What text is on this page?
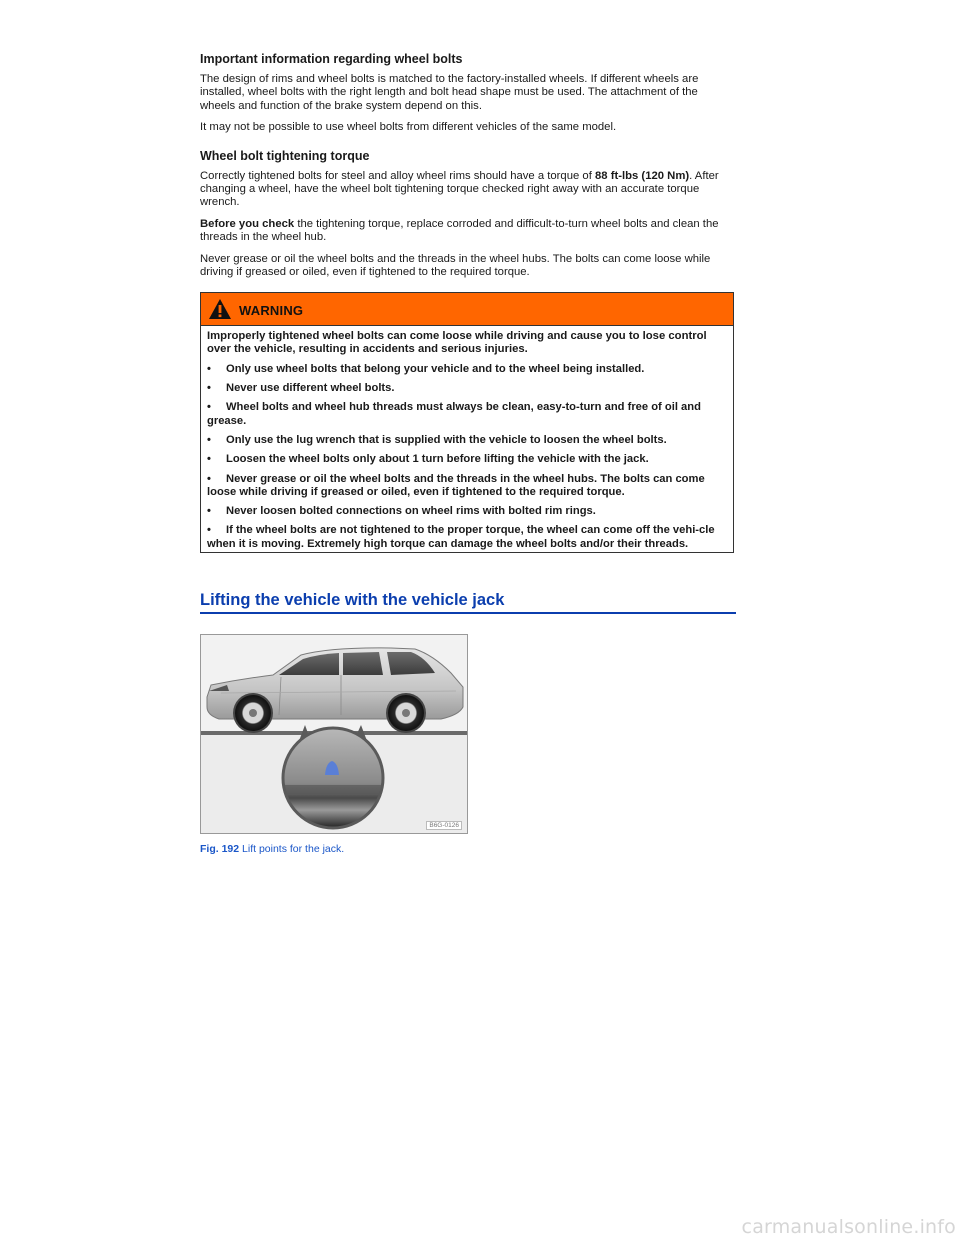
Important information regarding wheel bolts

The design of rims and wheel bolts is matched to the factory-installed wheels. If different wheels are installed, wheel bolts with the right length and bolt head shape must be used. The attachment of the wheels and function of the brake system depend on this.

It may not be possible to use wheel bolts from different vehicles of the same model.

Wheel bolt tightening torque

Correctly tightened bolts for steel and alloy wheel rims should have a torque of 88 ft-lbs (120 Nm). After changing a wheel, have the wheel bolt tightening torque checked right away with an accurate torque wrench.

Before you check the tightening torque, replace corroded and difficult-to-turn wheel bolts and clean the threads in the wheel hub.

Never grease or oil the wheel bolts and the threads in the wheel hubs. The bolts can come loose while driving if greased or oiled, even if tightened to the required torque.

WARNING

Improperly tightened wheel bolts can come loose while driving and cause you to lose control over the vehicle, resulting in accidents and serious injuries.

• Only use wheel bolts that belong your vehicle and to the wheel being installed.
• Never use different wheel bolts.
• Wheel bolts and wheel hub threads must always be clean, easy-to-turn and free of oil and grease.
• Only use the lug wrench that is supplied with the vehicle to loosen the wheel bolts.
• Loosen the wheel bolts only about 1 turn before lifting the vehicle with the jack.
• Never grease or oil the wheel bolts and the threads in the wheel hubs. The bolts can come loose while driving if greased or oiled, even if tightened to the required torque.
• Never loosen bolted connections on wheel rims with bolted rim rings.
• If the wheel bolts are not tightened to the proper torque, the wheel can come off the vehi-cle when it is moving. Extremely high torque can damage the wheel bolts and/or their threads.
Lifting the vehicle with the vehicle jack
B6G-0126
Fig. 192 Lift points for the jack.
carmanualsonline.info
